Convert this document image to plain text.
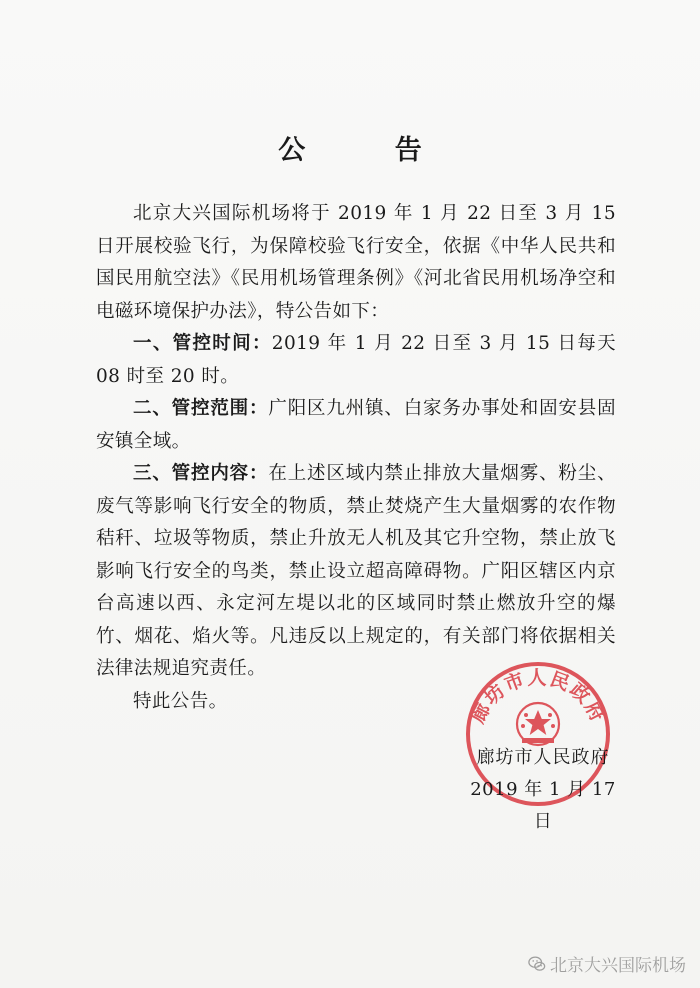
公 告

北京大兴国际机场将于 2019 年 1 月 22 日至 3 月 15 日开展校验飞行，为保障校验飞行安全，依据《中华人民共和国民用航空法》《民用机场管理条例》《河北省民用机场净空和电磁环境保护办法》，特公告如下：

一、管控时间：2019 年 1 月 22 日至 3 月 15 日每天 08 时至 20 时。

二、管控范围：广阳区九州镇、白家务办事处和固安县固安镇全域。

三、管控内容：在上述区域内禁止排放大量烟雾、粉尘、废气等影响飞行安全的物质，禁止焚烧产生大量烟雾的农作物秸秆、垃圾等物质，禁止升放无人机及其它升空物，禁止放飞影响飞行安全的鸟类，禁止设立超高障碍物。广阳区辖区内京台高速以西、永定河左堤以北的区域同时禁止燃放升空的爆竹、烟花、焰火等。凡违反以上规定的，有关部门将依据相关法律法规追究责任。

特此公告。	廊坊市人民政府
廊坊市人民政府
2019 年 1 月 17 日
北京大兴国际机场
